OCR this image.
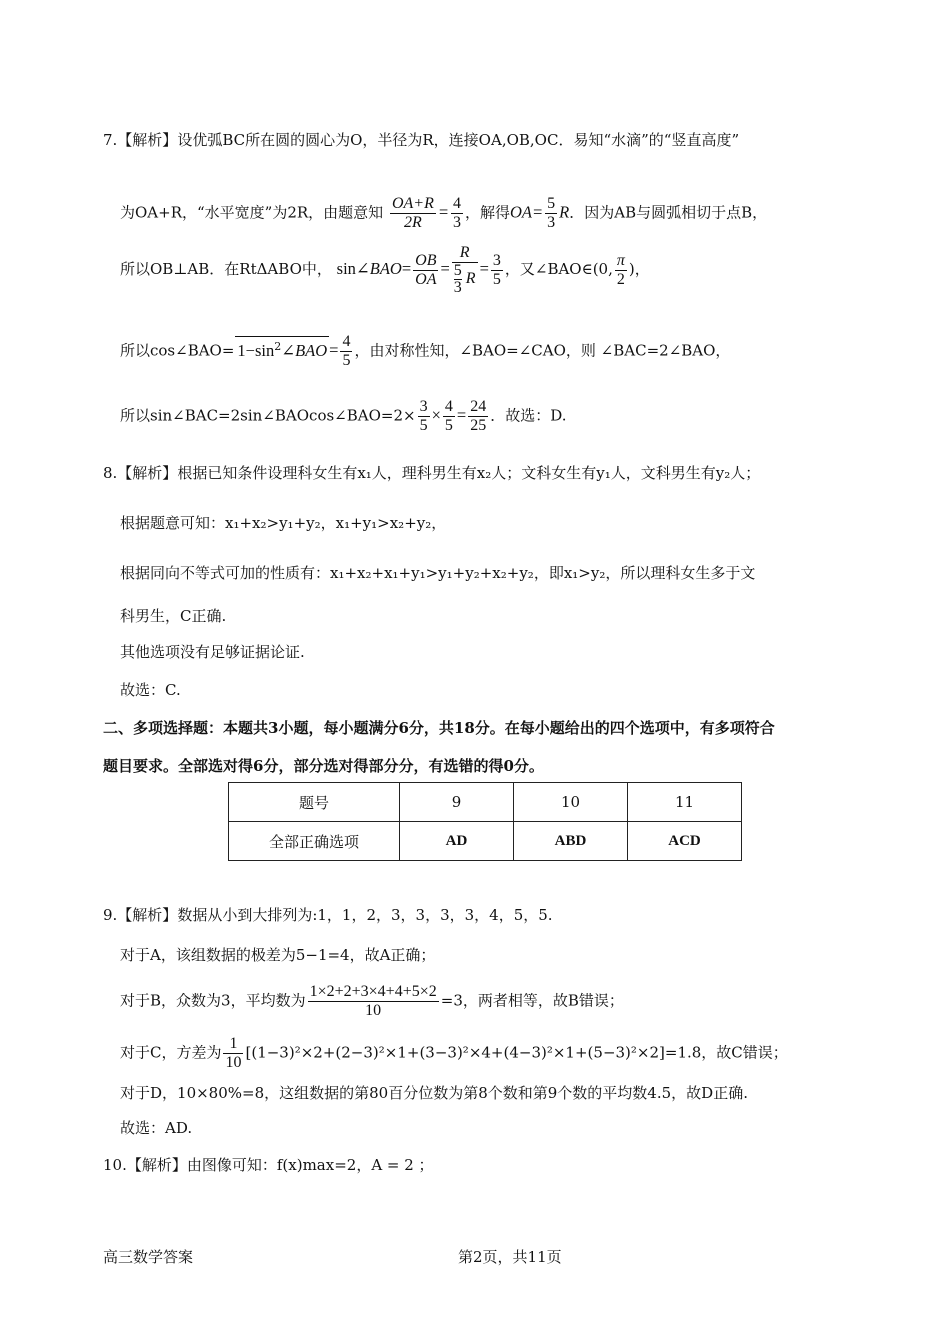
7.【解析】设优弧BC所在圆的圆心为O，半径为R，连接OA,OB,OC．易知“水滴”的“竖直高度”
为OA+R，“水平宽度”为2R，由题意知 $\frac{OA+R}{2R} = \frac{4}{3}$ ，解得$OA= \frac{5}{3}$ R．因为AB与圆弧相切于点B，
所以OB⊥AB．在RtΔABO中， sin∠BAO= $\frac{OB}{OA} = \frac{R}{\frac{5}{3} R} = \frac{3}{5}$ ，又∠BAO∈(0, $\frac{\pi}{2}$ )，
所以cos∠BAO= $1-\sin^2\angle BAO = \frac{4}{5}$ ，由对称性知，∠BAO=∠CAO，则 ∠BAC=2∠BAO，
所以sin∠BAC=2sin∠BAOcos∠BAO=2× $\frac{3}{5} \times \frac{4}{5} = \frac{24}{25}$ ．故选：D.
8.【解析】根据已知条件设理科女生有x₁人，理科男生有x₂人；文科女生有y₁人，文科男生有y₂人；
根据题意可知：x₁+x₂>y₁+y₂，x₁+y₁>x₂+y₂，
根据同向不等式可加的性质有：x₁+x₂+x₁+y₁>y₁+y₂+x₂+y₂，即x₁>y₂，所以理科女生多于文
科男生，C正确.
其他选项没有足够证据论证.
故选：C.
二、多项选择题：本题共3小题，每小题满分6分，共18分。在每小题给出的四个选项中，有多项符合
题目要求。全部选对得6分，部分选对得部分分，有选错的得0分。
题号	9	10	11
全部正确选项	AD	ABD	ACD
9.【解析】数据从小到大排列为:1，1，2，3，3，3，3，4，5，5.
对于A，该组数据的极差为5−1=4，故A正确；
对于B，众数为3，平均数为 $\frac{1\times 2+2+3\times 4+4+5\times 2}{10} =3$，两者相等，故B错误；
对于C，方差为 $\frac{1}{10} [(1-3)^2\times 2+(2-3)^2\times 1+(3-3)^2\times 4+(4-3)^2\times 1+(5-3)^2\times 2]=1.8$，故C错误；
对于D，10×80%=8，这组数据的第80百分位数为第8个数和第9个数的平均数4.5，故D正确.
故选：AD.
10.【解析】由图像可知：f(x)max=2，A = 2 ；
高三数学答案	第2页，共11页
